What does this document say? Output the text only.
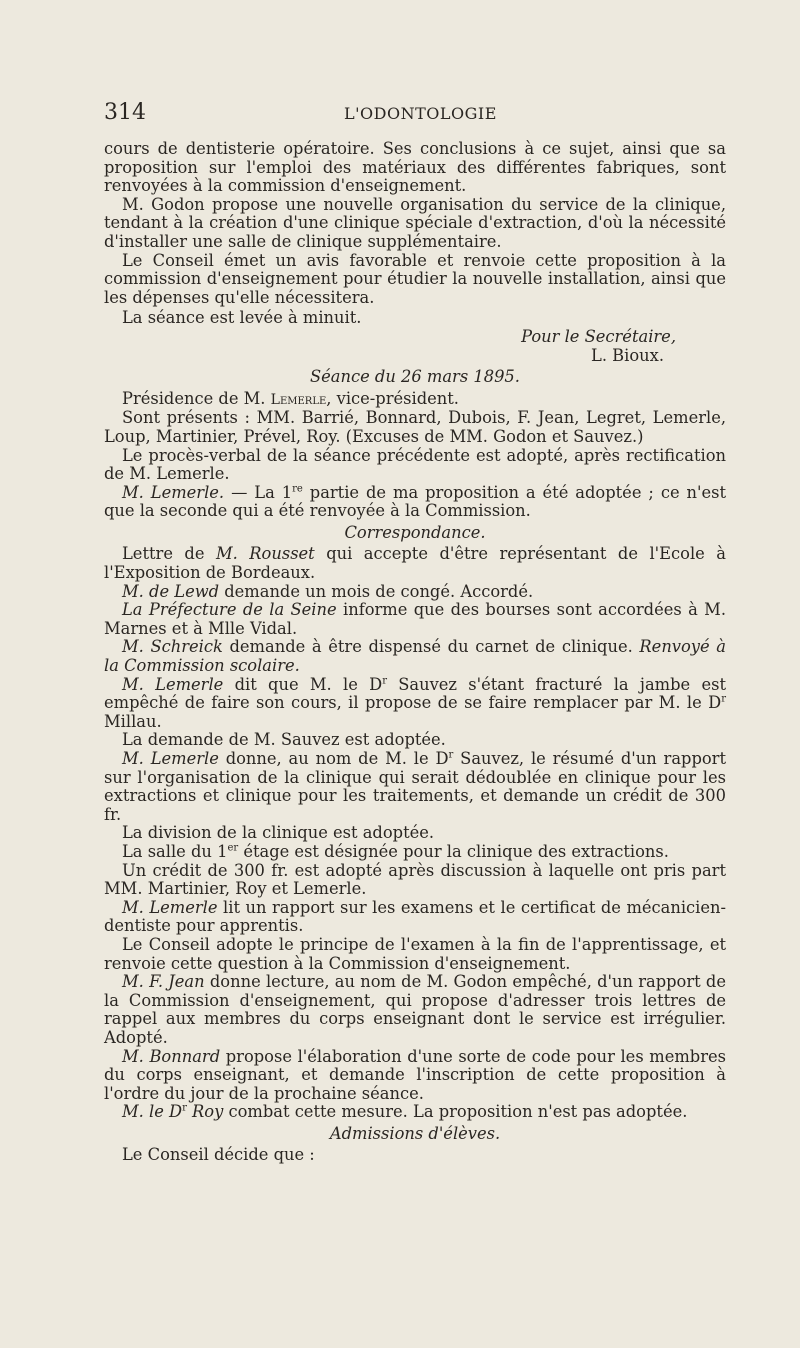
314	L'ODONTOLOGIE

cours de dentisterie opératoire. Ses conclusions à ce sujet, ainsi que sa proposition sur l'emploi des matériaux des différentes fabriques, sont renvoyées à la commission d'enseignement.

M. Godon propose une nouvelle organisation du service de la clinique, tendant à la création d'une clinique spéciale d'extraction, d'où la nécessité d'installer une salle de clinique supplémentaire.

Le Conseil émet un avis favorable et renvoie cette proposition à la commission d'enseignement pour étudier la nouvelle installation, ainsi que les dépenses qu'elle nécessitera.

La séance est levée à minuit.

Pour le Secrétaire,

L. Bioux.

Séance du 26 mars 1895.

Présidence de M. Lemerle, vice-président.

Sont présents : MM. Barrié, Bonnard, Dubois, F. Jean, Legret, Lemerle, Loup, Martinier, Prével, Roy. (Excuses de MM. Godon et Sauvez.)

Le procès-verbal de la séance précédente est adopté, après rectification de M. Lemerle.

M. Lemerle. — La 1re partie de ma proposition a été adoptée ; ce n'est que la seconde qui a été renvoyée à la Commission.

Correspondance.

Lettre de M. Rousset qui accepte d'être représentant de l'Ecole à l'Exposition de Bordeaux.

M. de Lewd demande un mois de congé. Accordé.

La Préfecture de la Seine informe que des bourses sont accordées à M. Marnes et à Mlle Vidal.

M. Schreick demande à être dispensé du carnet de clinique. Renvoyé à la Commission scolaire.

M. Lemerle dit que M. le $D^r$ Sauvez s'étant fracturé la jambe est empêché de faire son cours, il propose de se faire remplacer par M. le $D^r$ Millau.

La demande de M. Sauvez est adoptée.

M. Lemerle donne, au nom de M. le $D^r$ Sauvez, le résumé d'un rapport sur l'organisation de la clinique qui serait dédoublée en clinique pour les extractions et clinique pour les traitements, et demande un crédit de 300 fr.

La division de la clinique est adoptée.

La salle du 1er étage est désignée pour la clinique des extractions.

Un crédit de 300 fr. est adopté après discussion à laquelle ont pris part MM. Martinier, Roy et Lemerle.

M. Lemerle lit un rapport sur les examens et le certificat de mécanicien-dentiste pour apprentis.

Le Conseil adopte le principe de l'examen à la fin de l'apprentissage, et renvoie cette question à la Commission d'enseignement.

M. F. Jean donne lecture, au nom de M. Godon empêché, d'un rapport de la Commission d'enseignement, qui propose d'adresser trois lettres de rappel aux membres du corps enseignant dont le service est irrégulier. Adopté.

M. Bonnard propose l'élaboration d'une sorte de code pour les membres du corps enseignant, et demande l'inscription de cette proposition à l'ordre du jour de la prochaine séance.

M. le $D^r$ Roy combat cette mesure. La proposition n'est pas adoptée.

Admissions d'élèves.

Le Conseil décide que :
